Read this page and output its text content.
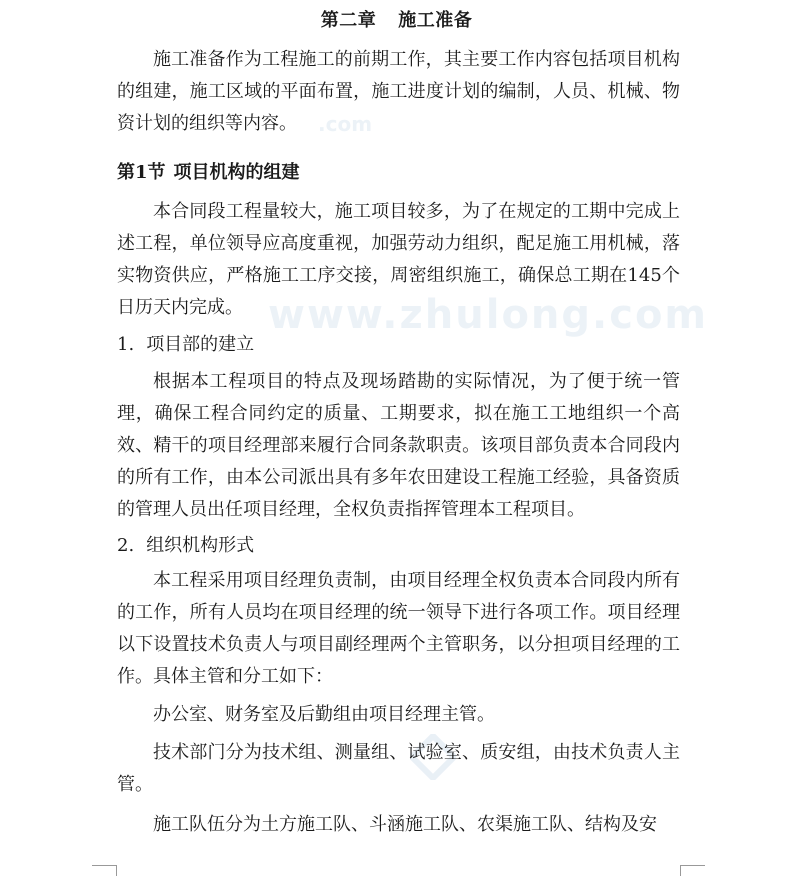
.com
www.zhulong.com
第二章 施工准备

施工准备作为工程施工的前期工作，其主要工作内容包括项目机构的组建，施工区域的平面布置，施工进度计划的编制，人员、机械、物资计划的组织等内容。

第1节 项目机构的组建

本合同段工程量较大，施工项目较多，为了在规定的工期中完成上述工程，单位领导应高度重视，加强劳动力组织，配足施工用机械，落实物资供应，严格施工工序交接，周密组织施工，确保总工期在145个日历天内完成。

1. 项目部的建立

根据本工程项目的特点及现场踏勘的实际情况，为了便于统一管理，确保工程合同约定的质量、工期要求，拟在施工工地组织一个高效、精干的项目经理部来履行合同条款职责。该项目部负责本合同段内的所有工作，由本公司派出具有多年农田建设工程施工经验，具备资质的管理人员出任项目经理，全权负责指挥管理本工程项目。

2. 组织机构形式

本工程采用项目经理负责制，由项目经理全权负责本合同段内所有的工作，所有人员均在项目经理的统一领导下进行各项工作。项目经理以下设置技术负责人与项目副经理两个主管职务，以分担项目经理的工作。具体主管和分工如下：

办公室、财务室及后勤组由项目经理主管。

技术部门分为技术组、测量组、试验室、质安组，由技术负责人主管。

施工队伍分为土方施工队、斗涵施工队、农渠施工队、结构及安
